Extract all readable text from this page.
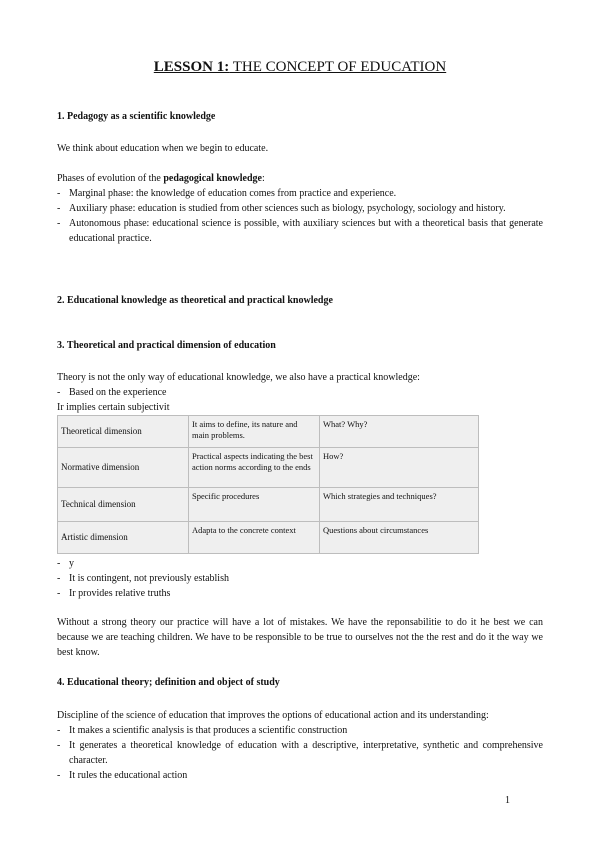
LESSON 1: THE CONCEPT OF EDUCATION
1. Pedagogy as a scientific knowledge
We think about education when we begin to educate.
Phases of evolution of the pedagogical knowledge:
- Marginal phase: the knowledge of education comes from practice and experience.
- Auxiliary phase: education is studied from other sciences such as biology, psychology, sociology and history.
- Autonomous phase: educational science is possible, with auxiliary sciences but with a theoretical basis that generate educational practice.
2. Educational knowledge as theoretical and practical knowledge
3. Theoretical and practical dimension of education
Theory is not the only way of educational knowledge, we also have a practical knowledge:
- Based on the experience
Ir implies certain subjectivit
Theoretical dimension	It aims to define, its nature and main problems.	What? Why?
Normative dimension	Practical aspects indicating the best action norms according to the ends	How?
Technical dimension	Specific procedures	Which strategies and techniques?
Artistic dimension	Adapta to the concrete context	Questions about circumstances
- y
- It is contingent, not previously establish
- Ir provides relative truths
Without a strong theory our practice will have a lot of mistakes. We have the reponsabilitie to do it he best we can because we are teaching children. We have to be responsible to be true to ourselves not the the rest and do it the way we best know.
4. Educational theory; definition and object of study
Discipline of the science of education that improves the options of educational action and its understanding:
- It makes a scientific analysis is that produces a scientific construction
- It generates a theoretical knowledge of education with a descriptive, interpretative, synthetic and comprehensive character.
- It rules the educational action
1
